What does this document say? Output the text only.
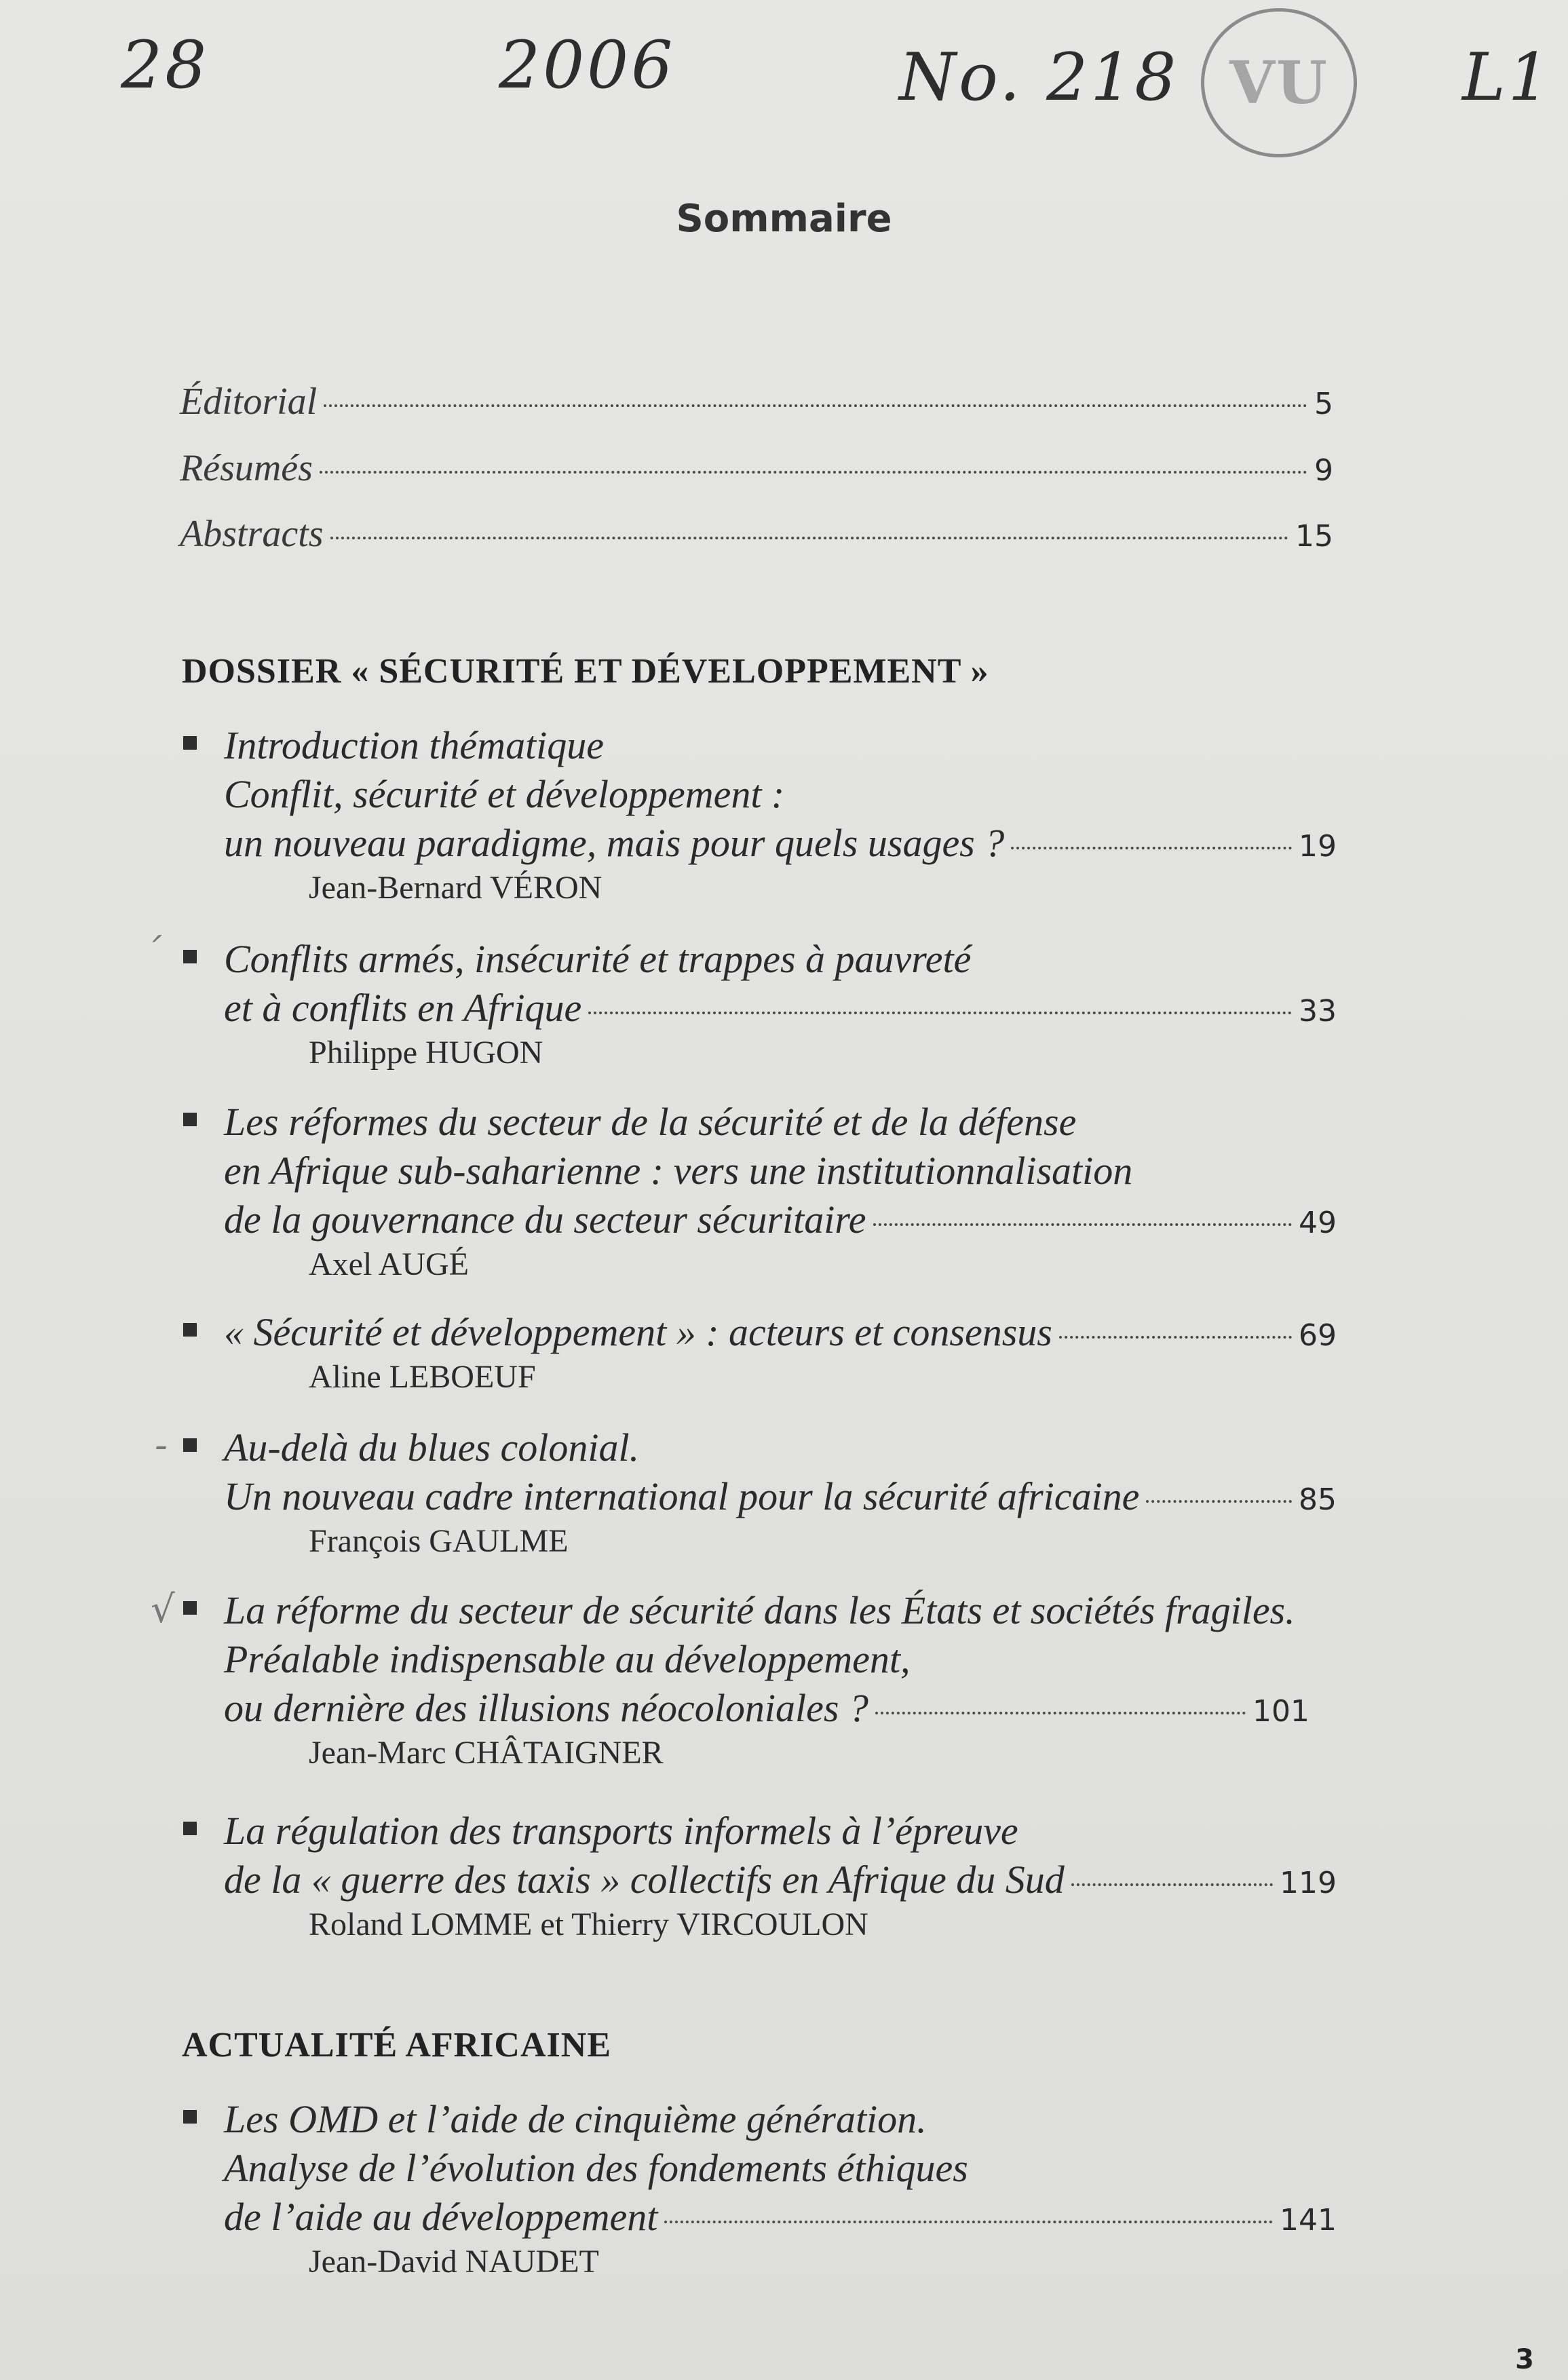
28	2006	No. 218 VU L1
Sommaire
Éditorial	5
Résumés	9
Abstracts	15
DOSSIER « SÉCURITÉ ET DÉVELOPPEMENT »
Introduction thématique
Conflit, sécurité et développement :
un nouveau paradigme, mais pour quels usages ?	19
Jean-Bernard VÉRON
´ Conflits armés, insécurité et trappes à pauvreté
et à conflits en Afrique	33
Philippe HUGON
Les réformes du secteur de la sécurité et de la défense
en Afrique sub-saharienne : vers une institutionnalisation
de la gouvernance du secteur sécuritaire	49
Axel AUGÉ
« Sécurité et développement » : acteurs et consensus	69
Aline LEBOEUF
- Au-delà du blues colonial.
Un nouveau cadre international pour la sécurité africaine	85
François GAULME
√ La réforme du secteur de sécurité dans les États et sociétés fragiles.
Préalable indispensable au développement,
ou dernière des illusions néocoloniales ?	101
Jean-Marc CHÂTAIGNER
La régulation des transports informels à l’épreuve
de la « guerre des taxis » collectifs en Afrique du Sud	119
Roland LOMME et Thierry VIRCOULON
ACTUALITÉ AFRICAINE
Les OMD et l’aide de cinquième génération.
Analyse de l’évolution des fondements éthiques
de l’aide au développement	141
Jean-David NAUDET
3
